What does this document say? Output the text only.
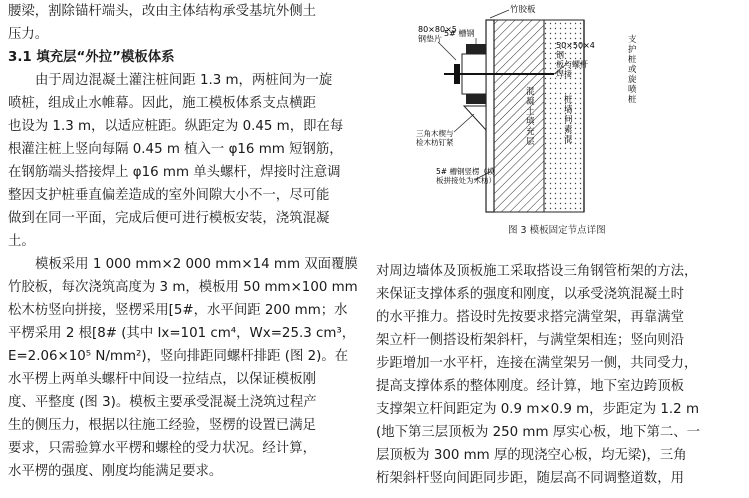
腰梁，割除锚杆端头，改由主体结构承受基坑外侧土
压力。
3.1 填充层“外拉”模板体系
由于周边混凝土灌注桩间距 1.3 m，两桩间为一旋
喷桩，组成止水帷幕。因此，施工模板体系支点横距
也设为 1.3 m，以适应桩距。纵距定为 0.45 m，即在每
根灌注桩上竖向每隔 0.45 m 植入一 φ16 mm 短钢筋，
在钢筋端头搭接焊上 φ16 mm 单头螺杆，焊接时注意调
整因支护桩垂直偏差造成的室外间隙大小不一，尽可能
做到在同一平面，完成后便可进行模板安装，浇筑混凝
土。
模板采用 1 000 mm×2 000 mm×14 mm 双面覆膜
竹胶板，每次浇筑高度为 3 m，模板用 50 mm×100 mm
松木枋竖向拼接，竖楞采用[5#，水平间距 200 mm；水
平楞采用 2 根[8# (其中 Ix=101 cm⁴，Wx=25.3 cm³，
E=2.06×10⁵ N/mm²)，竖向排距同螺杆排距 (图 2)。在
水平楞上两单头螺杆中间设一拉结点，以保证模板刚
度、平整度 (图 3)。模板主要承受混凝土浇筑过程产
生的侧压力，根据以往施工经验，竖楞的设置已满足
要求，只需验算水平楞和螺栓的受力状况。经计算，
水平楞的强度、刚度均能满足要求。
对周边墙体及顶板施工采取搭设三角钢管桁架的方法，
来保证支撑体系的强度和刚度，以承受浇筑混凝土时
的水平推力。搭设时先按要求搭完满堂架，再靠满堂
架立杆一侧搭设桁架斜杆，与满堂架相连；竖向则沿
步距增加一水平杆，连接在满堂架另一侧，共同受力，
提高支撑体系的整体刚度。经计算，地下室边跨顶板
支撑架立杆间距定为 0.9 m×0.9 m，步距定为 1.2 m
(地下第三层顶板为 250 mm 厚实心板，地下第二、一
层顶板为 300 mm 厚的现浇空心板，均无梁)，三角
桁架斜杆竖向间距同步距，随层高不同调整道数，用
竹胶板
80×80×5 钢垫片
5# 槽钢
50×50×4 钢板与螺杆焊接
支护桩或旋喷桩
混凝土填充层
桩墙间素混
三角木楔与检木枋钉紧
5# 槽钢竖楞（模板拼接处为木枋）
图 3 模板固定节点详图
